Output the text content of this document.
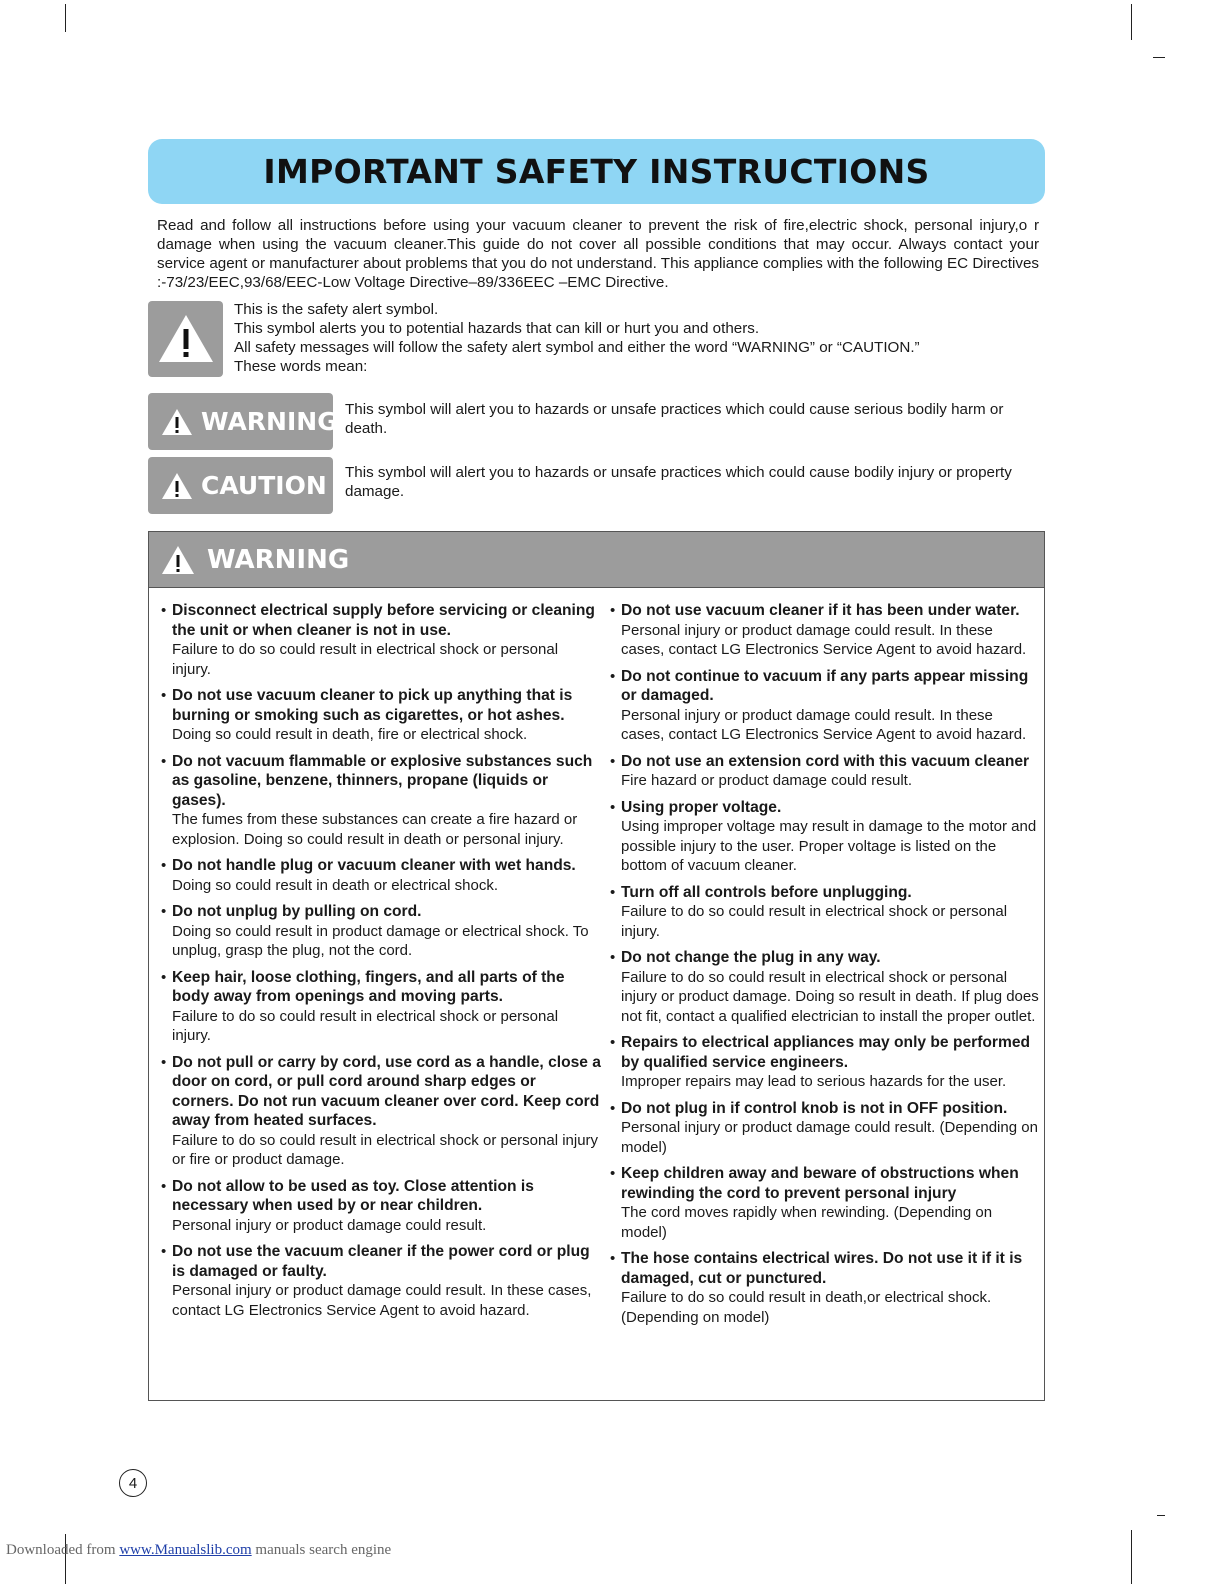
IMPORTANT SAFETY INSTRUCTIONS
Read and follow all instructions before using your vacuum cleaner to prevent the risk of fire,electric shock, personal injury,o r damage when using the vacuum cleaner.This guide do not cover all possible conditions that may occur. Always contact your service agent or manufacturer about problems that you do not understand. This appliance complies with the following EC Directives :-73/23/EEC,93/68/EEC-Low Voltage Directive–89/336EEC –EMC Directive.
This is the safety alert symbol.
This symbol alerts you to potential hazards that can kill or hurt you and others.
All safety messages will follow the safety alert symbol and either the word “WARNING” or “CAUTION.”
These words mean:
WARNING This symbol will alert you to hazards or unsafe practices which could cause serious bodily harm or death.
CAUTION This symbol will alert you to hazards or unsafe practices which could cause bodily injury or property damage.
WARNING
• Disconnect electrical supply before servicing or cleaning the unit or when cleaner is not in use.
Failure to do so could result in electrical shock or personal injury.
• Do not use vacuum cleaner to pick up anything that is burning or smoking such as cigarettes, or hot ashes.
Doing so could result in death, fire or electrical shock.
• Do not vacuum flammable or explosive substances such as gasoline, benzene, thinners, propane (liquids or gases).
The fumes from these substances can create a fire hazard or explosion. Doing so could result in death or personal injury.
• Do not handle plug or vacuum cleaner with wet hands.
Doing so could result in death or electrical shock.
• Do not unplug by pulling on cord.
Doing so could result in product damage or electrical shock. To unplug, grasp the plug, not the cord.
• Keep hair, loose clothing, fingers, and all parts of the body away from openings and moving parts.
Failure to do so could result in electrical shock or personal injury.
• Do not pull or carry by cord, use cord as a handle, close a door on cord, or pull cord around sharp edges or corners. Do not run vacuum cleaner over cord. Keep cord away from heated surfaces.
Failure to do so could result in electrical shock or personal injury or fire or product damage.
• Do not allow to be used as toy. Close attention is necessary when used by or near children.
Personal injury or product damage could result.
• Do not use the vacuum cleaner if the power cord or plug is damaged or faulty.
Personal injury or product damage could result. In these cases, contact LG Electronics Service Agent to avoid hazard.
• Do not use vacuum cleaner if it has been under water.
Personal injury or product damage could result. In these cases, contact LG Electronics Service Agent to avoid hazard.
• Do not continue to vacuum if any parts appear missing or damaged.
Personal injury or product damage could result. In these cases, contact LG Electronics Service Agent to avoid hazard.
• Do not use an extension cord with this vacuum cleaner
Fire hazard or product damage could result.
• Using proper voltage.
Using improper voltage may result in damage to the motor and possible injury to the user. Proper voltage is listed on the bottom of vacuum cleaner.
• Turn off all controls before unplugging.
Failure to do so could result in electrical shock or personal injury.
• Do not change the plug in any way.
Failure to do so could result in electrical shock or personal injury or product damage. Doing so result in death. If plug does not fit, contact a qualified electrician to install the proper outlet.
• Repairs to electrical appliances may only be performed by qualified service engineers.
Improper repairs may lead to serious hazards for the user.
• Do not plug in if control knob is not in OFF position.
Personal injury or product damage could result. (Depending on model)
• Keep children away and beware of obstructions when rewinding the cord to prevent personal injury
The cord moves rapidly when rewinding. (Depending on model)
• The hose contains electrical wires. Do not use it if it is damaged, cut or punctured.
Failure to do so could result in death,or electrical shock. (Depending on model)
4
Downloaded from www.Manualslib.com manuals search engine
